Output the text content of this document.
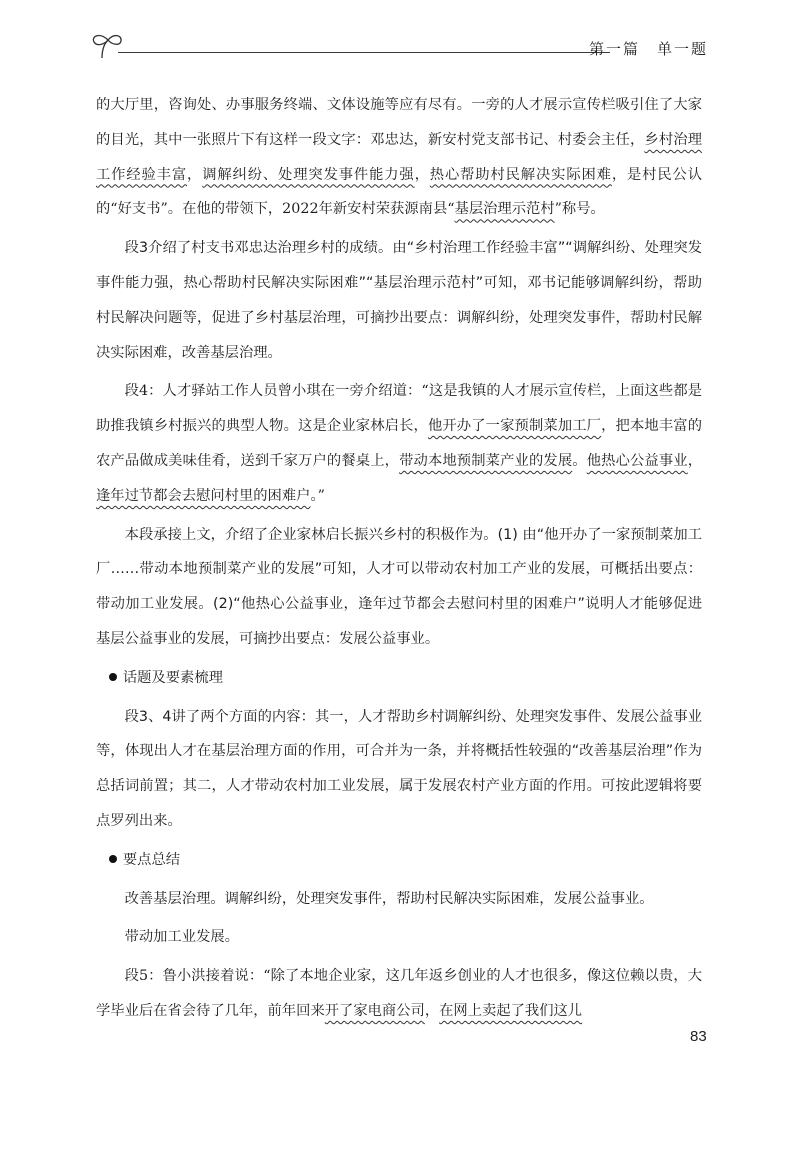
第一篇　单一题

的大厅里，咨询处、办事服务终端、文体设施等应有尽有。一旁的人才展示宣传栏吸引住了大家的目光，其中一张照片下有这样一段文字：邓忠达，新安村党支部书记、村委会主任，乡村治理工作经验丰富，调解纠纷、处理突发事件能力强，热心帮助村民解决实际困难，是村民公认的“好支书”。在他的带领下，2022年新安村荣获源南县“基层治理示范村”称号。

段3介绍了村支书邓忠达治理乡村的成绩。由“乡村治理工作经验丰富”“调解纠纷、处理突发事件能力强，热心帮助村民解决实际困难”“基层治理示范村”可知，邓书记能够调解纠纷，帮助村民解决问题等，促进了乡村基层治理，可摘抄出要点：调解纠纷，处理突发事件，帮助村民解决实际困难，改善基层治理。

段4：人才驿站工作人员曾小琪在一旁介绍道：“这是我镇的人才展示宣传栏，上面这些都是助推我镇乡村振兴的典型人物。这是企业家林启长，他开办了一家预制菜加工厂，把本地丰富的农产品做成美味佳肴，送到千家万户的餐桌上，带动本地预制菜产业的发展。他热心公益事业，逢年过节都会去慰问村里的困难户。”

本段承接上文，介绍了企业家林启长振兴乡村的积极作为。(1) 由“他开办了一家预制菜加工厂……带动本地预制菜产业的发展”可知，人才可以带动农村加工产业的发展，可概括出要点：带动加工业发展。(2)“他热心公益事业，逢年过节都会去慰问村里的困难户”说明人才能够促进基层公益事业的发展，可摘抄出要点：发展公益事业。

话题及要素梳理

段3、4讲了两个方面的内容：其一，人才帮助乡村调解纠纷、处理突发事件、发展公益事业等，体现出人才在基层治理方面的作用，可合并为一条，并将概括性较强的“改善基层治理”作为总括词前置；其二，人才带动农村加工业发展，属于发展农村产业方面的作用。可按此逻辑将要点罗列出来。

要点总结

改善基层治理。调解纠纷，处理突发事件，帮助村民解决实际困难，发展公益事业。

带动加工业发展。

段5：鲁小洪接着说：“除了本地企业家，这几年返乡创业的人才也很多，像这位赖以贵，大学毕业后在省会待了几年，前年回来开了家电商公司，在网上卖起了我们这儿

83
